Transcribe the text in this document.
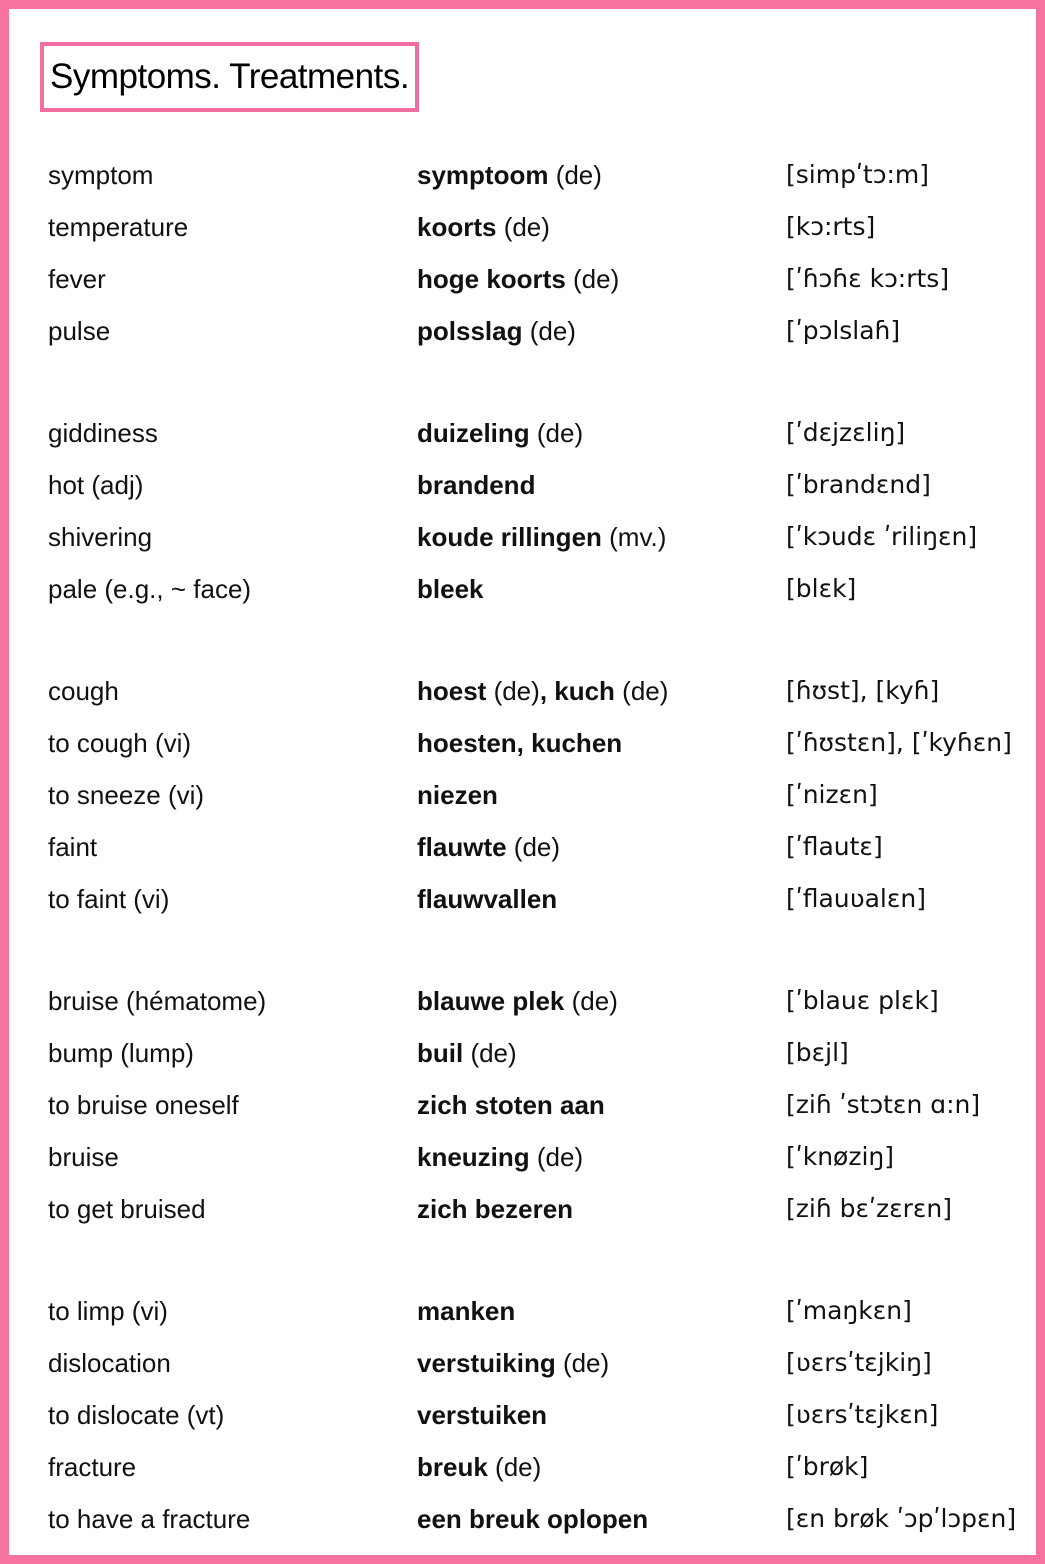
Symptoms. Treatments.
symptom	symptoom (de)	[simpʹtɔ:m]
temperature	koorts (de)	[kɔ:rts]
fever	hoge koorts (de)	[ʹɦɔɦɛ kɔ:rts]
pulse	polsslag (de)	[ʹpɔlslaɦ]
giddiness	duizeling (de)	[ʹdɛjzɛliŋ]
hot (adj)	brandend	[ʹbrandɛnd]
shivering	koude rillingen (mv.)	[ʹkɔudɛ ʹriliŋɛn]
pale (e.g., ~ face)	bleek	[blɛk]
cough	hoest (de), kuch (de)	[ɦʊst], [kyɦ]
to cough (vi)	hoesten, kuchen	[ʹɦʊstɛn], [ʹkyɦɛn]
to sneeze (vi)	niezen	[ʹnizɛn]
faint	flauwte (de)	[ʹflautɛ]
to faint (vi)	flauwvallen	[ʹflauʋalɛn]
bruise (hématome)	blauwe plek (de)	[ʹblauɛ plɛk]
bump (lump)	buil (de)	[bɛjl]
to bruise oneself	zich stoten aan	[ziɦ ʹstɔtɛn ɑ:n]
bruise	kneuzing (de)	[ʹknøziŋ]
to get bruised	zich bezeren	[ziɦ bɛʹzɛrɛn]
to limp (vi)	manken	[ʹmaŋkɛn]
dislocation	verstuiking (de)	[ʋɛrsʹtɛjkiŋ]
to dislocate (vt)	verstuiken	[ʋɛrsʹtɛjkɛn]
fracture	breuk (de)	[ʹbrøk]
to have a fracture	een breuk oplopen	[ɛn brøk ʹɔpʹlɔpɛn]
